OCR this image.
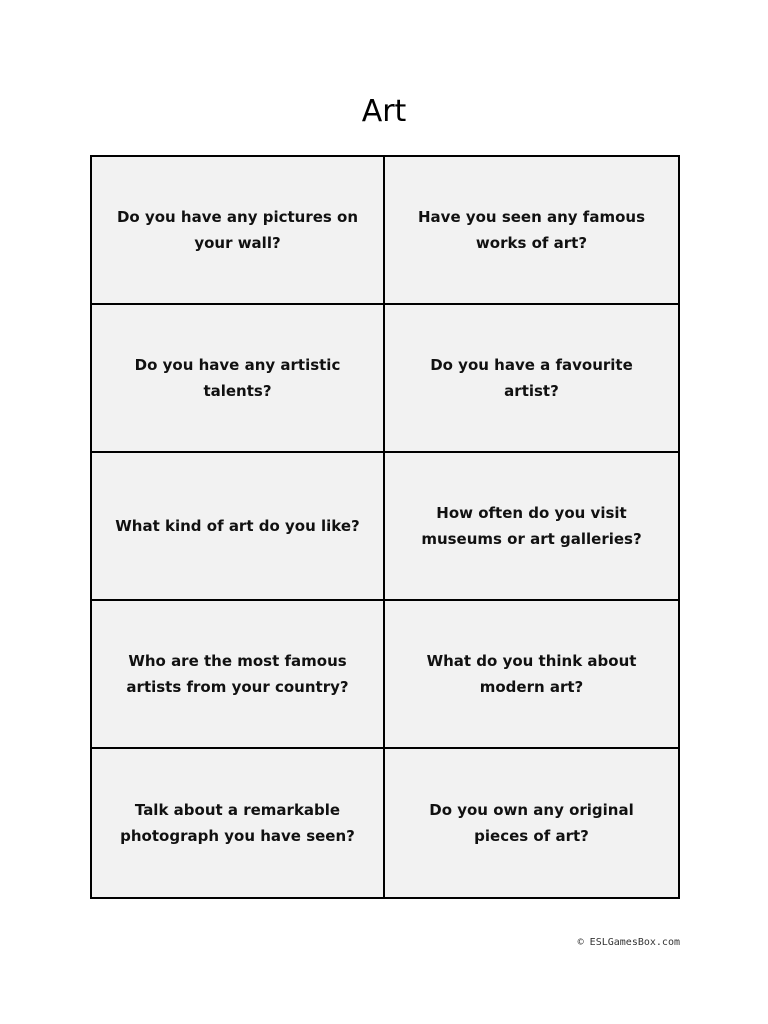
Art
Do you have any pictures on your wall?
Have you seen any famous works of art?
Do you have any artistic talents?
Do you have a favourite artist?
What kind of art do you like?
How often do you visit museums or art galleries?
Who are the most famous artists from your country?
What do you think about modern art?
Talk about a remarkable photograph you have seen?
Do you own any original pieces of art?
© ESLGamesBox.com
